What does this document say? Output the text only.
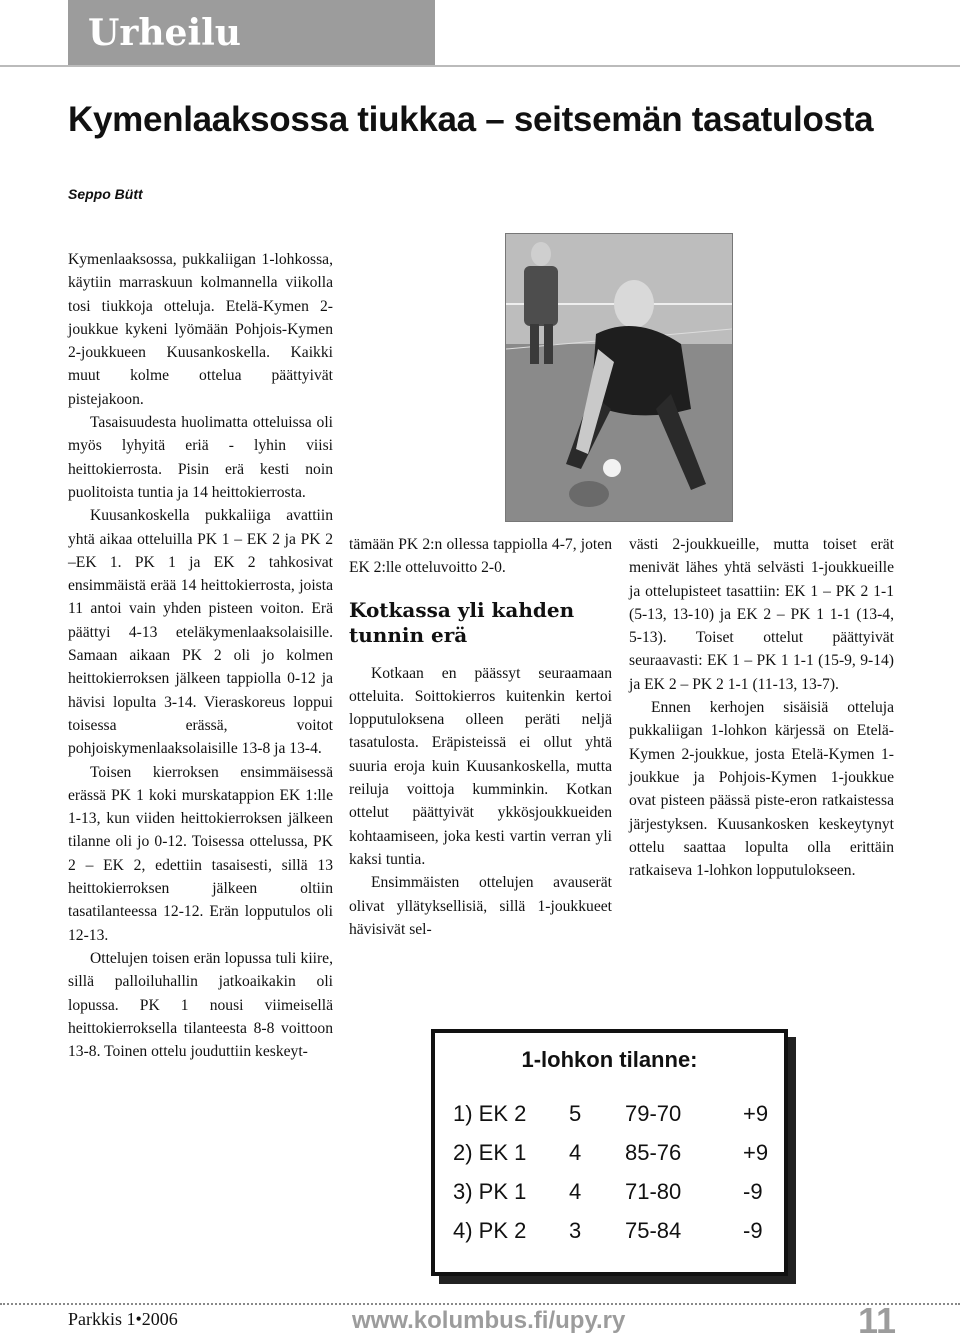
Urheilu
Kymenlaaksossa tiukkaa – seitsemän tasatulosta
Seppo Bütt

Kymenlaaksossa, pukkaliigan 1-lohkossa, käytiin marraskuun kolmannella viikolla tosi tiukkoja otteluja. Etelä-Kymen 2-joukkue kykeni lyömään Pohjois-Kymen 2-joukkueen Kuusankoskella. Kaikki muut kolme ottelua päättyivät pistejakoon.

Tasaisuudesta huolimatta otteluissa oli myös lyhyitä eriä - lyhin viisi heittokierrosta. Pisin erä kesti noin puolitoista tuntia ja 14 heittokierrosta.

Kuusankoskella pukkaliiga avattiin yhtä aikaa otteluilla PK 1 – EK 2 ja PK 2 –EK 1. PK 1 ja EK 2 tahkosivat ensimmäistä erää 14 heittokierrosta, joista 11 antoi vain yhden pisteen voiton. Erä päättyi 4-13 eteläkymenlaaksolaisille. Samaan aikaan PK 2 oli jo kolmen heittokierroksen jälkeen tappiolla 0-12 ja hävisi lopulta 3-14. Vieraskoreus loppui toisessa erässä, voitot pohjoiskymenlaaksolaisille 13-8 ja 13-4.

Toisen kierroksen ensimmäisessä erässä PK 1 koki murskatappion EK 1:lle 1-13, kun viiden heittokierroksen jälkeen tilanne oli jo 0-12. Toisessa ottelussa, PK 2 – EK 2, edettiin tasaisesti, sillä 13 heittokierroksen jälkeen oltiin tasatilanteessa 12-12. Erän lopputulos oli 12-13.

Ottelujen toisen erän lopussa tuli kiire, sillä palloiluhallin jatkoaikakin oli lopussa. PK 1 nousi viimeisellä heittokierroksella tilanteesta 8-8 voittoon 13-8. Toinen ottelu jouduttiin keskeyt-

tämään PK 2:n ollessa tappiolla 4-7, joten EK 2:lle otteluvoitto 2-0.

Kotkassa yli kahden tunnin erä

Kotkaan en päässyt seuraamaan otteluita. Soittokierros kuitenkin kertoi lopputuloksena olleen peräti neljä tasatulosta. Eräpisteissä ei ollut yhtä suuria eroja kuin Kuusankoskella, mutta reiluja voittoja kumminkin. Kotkan ottelut päättyivät ykkösjoukkueiden kohtaamiseen, joka kesti vartin verran yli kaksi tuntia.

Ensimmäisten ottelujen avauserät olivat yllätyksellisiä, sillä 1-joukkueet hävisivät sel-

västi 2-joukkueille, mutta toiset erät menivät lähes yhtä selvästi 1-joukkueille ja ottelupisteet tasattiin: EK 1 – PK 2 1-1 (5-13, 13-10) ja EK 2 – PK 1 1-1 (13-4, 5-13). Toiset ottelut päättyivät seuraavasti: EK 1 – PK 1 1-1 (15-9, 9-14) ja EK 2 – PK 2 1-1 (11-13, 13-7).

Ennen kerhojen sisäisiä otteluja pukkaliigan 1-lohkon kärjessä on Etelä-Kymen 2-joukkue, josta Etelä-Kymen 1-joukkue ja Pohjois-Kymen 1-joukkue ovat pisteen päässä piste-eron ratkaistessa järjestyksen. Kuusankosken keskeytynyt ottelu saattaa lopulta olla erittäin ratkaiseva 1-lohkon lopputulokseen.

1-lohkon tilanne:
1) EK 2 5 79-70	+9
2) EK 1 4 85-76	+9
3) PK 1 4 71-80	-9
4) PK 2 3 75-84	-9
Parkkis 1•2006	www.kolumbus.fi/upy.ry	11
